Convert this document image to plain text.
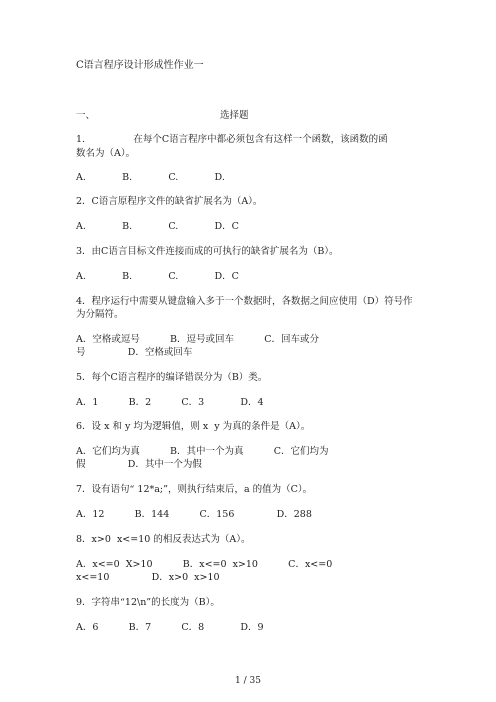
C语言程序设计形成性作业一
一、	选择题
1.                在每个C语言程序中都必须包含有这样一个函数，该函数的函
数名为（A）。
A.            B.            C.            D.
2．C语言原程序文件的缺省扩展名为（A）。
A.            B.            C.            D．C
3．由C语言目标文件连接而成的可执行的缺省扩展名为（B）。
A.            B.            C.            D．C
4．程序运行中需要从键盘输入多于一个数据时，各数据之间应使用（D）符号作
为分隔符。
A．空格或逗号          B．逗号或回车          C．回车或分
号              D．空格或回车
5．每个C语言程序的编译错误分为（B）类。
A．1          B．2          C．3            D．4
6．设 x 和 y 均为逻辑值，则 x  y 为真的条件是（A）。
A．它们均为真          B．其中一个为真          C．它们均为
假              D．其中一个为假
7．设有语句“ 12*a;”，则执行结束后，a 的值为（C）。
A．12          B．144          C．156              D．288
8．x>0  x<=10 的相反表达式为（A）。
A．x<=0  X>10          B．x<=0  x>10          C．x<=0
x<=10              D．x>0  x>10
9．字符串“12\n”的长度为（B）。
A．6          B．7          C．8            D．9
1 / 35
